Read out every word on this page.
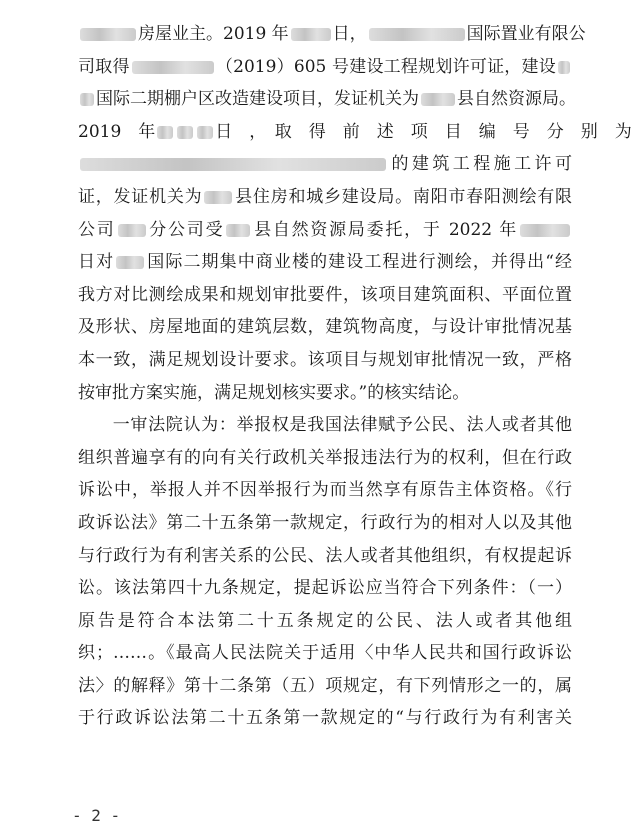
房屋业主。2019 年	日，	国际置业有限公
司取得	（2019）605 号建设工程规划许可证，建设
国际二期棚户区改造建设项目，发证机关为 县自然资源局。
2019　年	日　，　取　得　前　述　项　目　编　号　分　别　为
的建筑工程施工许可
证，发证机关为 县住房和城乡建设局。南阳市春阳测绘有限
公司 分公司受 县自然资源局委托，于 2022 年
日对 国际二期集中商业楼的建设工程进行测绘，并得出“经
我方对比测绘成果和规划审批要件，该项目建筑面积、平面位置
及形状、房屋地面的建筑层数，建筑物高度，与设计审批情况基
本一致，满足规划设计要求。该项目与规划审批情况一致，严格
按审批方案实施，满足规划核实要求。”的核实结论。
一审法院认为：举报权是我国法律赋予公民、法人或者其他
组织普遍享有的向有关行政机关举报违法行为的权利，但在行政
诉讼中，举报人并不因举报行为而当然享有原告主体资格。《行
政诉讼法》第二十五条第一款规定，行政行为的相对人以及其他
与行政行为有利害关系的公民、法人或者其他组织，有权提起诉
讼。该法第四十九条规定，提起诉讼应当符合下列条件：（一）
原告是符合本法第二十五条规定的公民、法人或者其他组
织；……。《最高人民法院关于适用〈中华人民共和国行政诉讼
法〉的解释》第十二条第（五）项规定，有下列情形之一的，属
于行政诉讼法第二十五条第一款规定的“与行政行为有利害关
- 2 -
